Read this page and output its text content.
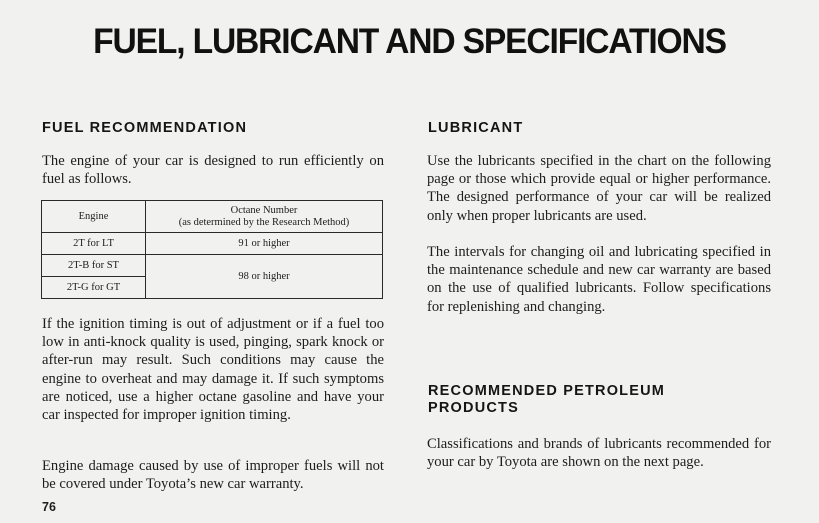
FUEL, LUBRICANT AND SPECIFICATIONS
FUEL RECOMMENDATION

The engine of your car is designed to run efficiently on fuel as follows.

Engine	Octane Number
(as determined by the Research Method)
2T for LT	91 or higher
2T-B for ST	98 or higher
2T-G for GT	

If the ignition timing is out of adjustment or if a fuel too low in anti-knock quality is used, pinging, spark knock or after-run may result. Such conditions may cause the engine to overheat and may damage it. If such symptoms are noticed, use a higher octane gasoline and have your car inspected for improper ignition timing.

Engine damage caused by use of improper fuels will not be covered under Toyota’s new car warranty.

76
LUBRICANT

Use the lubricants specified in the chart on the following page or those which provide equal or higher performance. The designed performance of your car will be realized only when proper lubricants are used.

The intervals for changing oil and lubricating specified in the maintenance schedule and new car warranty are based on the use of qualified lubricants. Follow specifications for replenishing and changing.

RECOMMENDED PETROLEUM
PRODUCTS

Classifications and brands of lubricants recommended for your car by Toyota are shown on the next page.
